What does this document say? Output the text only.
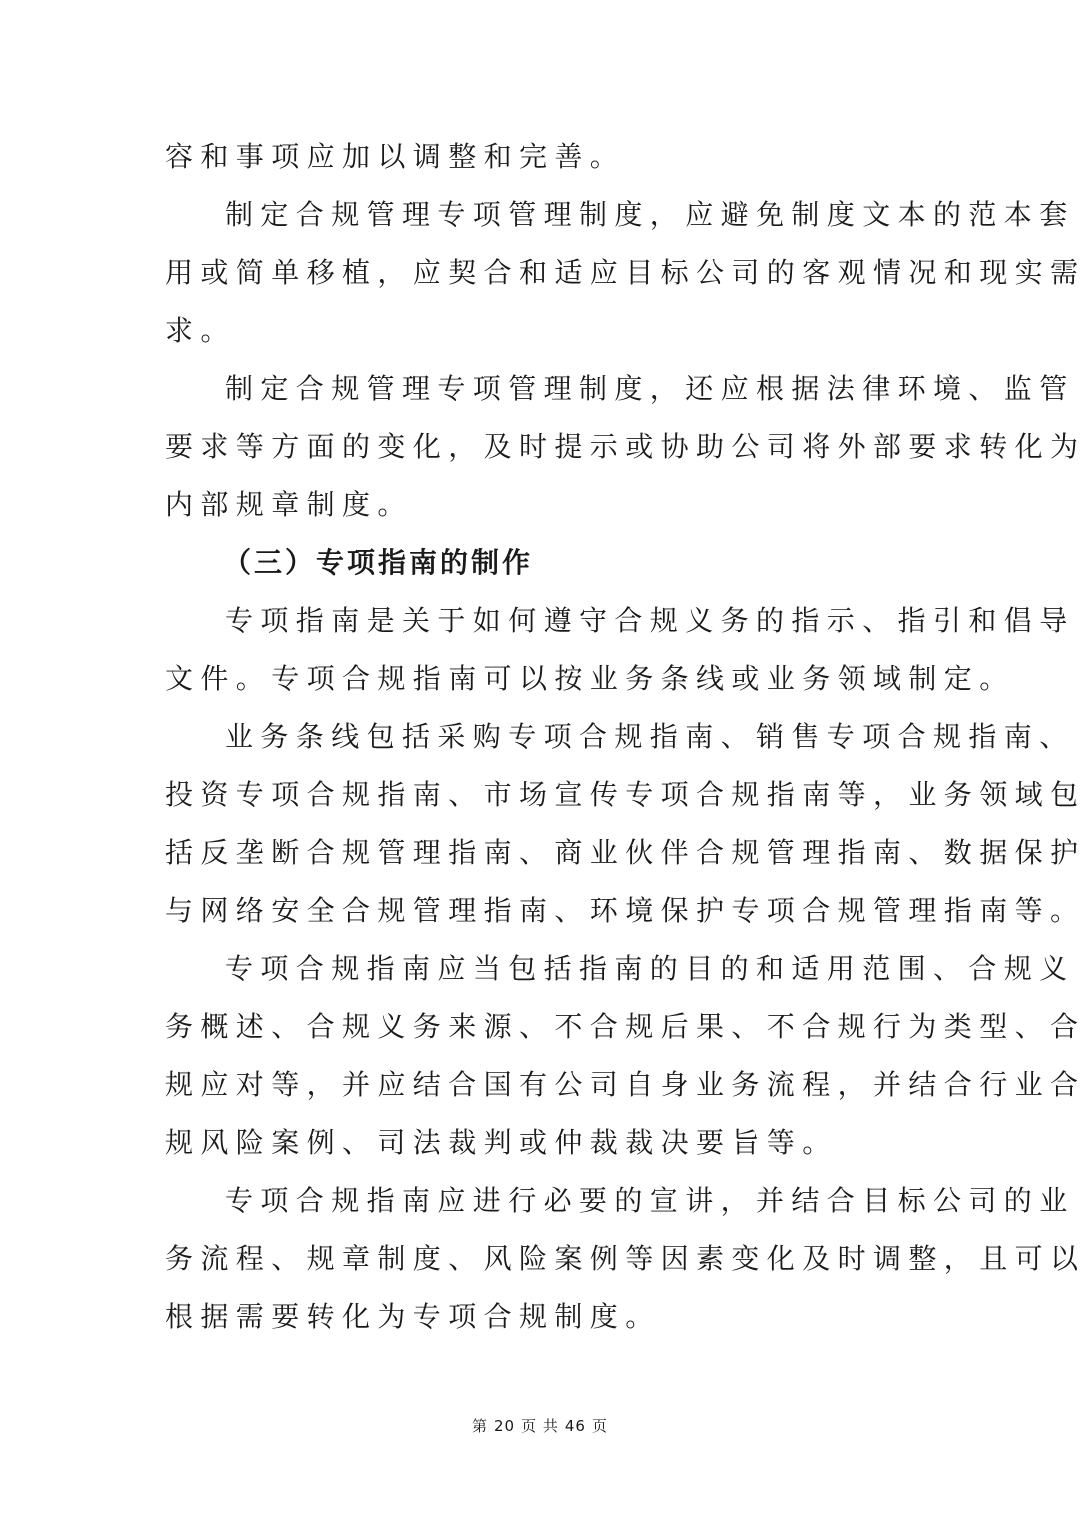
容和事项应加以调整和完善。
制定合规管理专项管理制度，应避免制度文本的范本套
用或简单移植，应契合和适应目标公司的客观情况和现实需
求。
制定合规管理专项管理制度，还应根据法律环境、监管
要求等方面的变化，及时提示或协助公司将外部要求转化为
内部规章制度。
（三）专项指南的制作
专项指南是关于如何遵守合规义务的指示、指引和倡导
文件。专项合规指南可以按业务条线或业务领域制定。
业务条线包括采购专项合规指南、销售专项合规指南、
投资专项合规指南、市场宣传专项合规指南等，业务领域包
括反垄断合规管理指南、商业伙伴合规管理指南、数据保护
与网络安全合规管理指南、环境保护专项合规管理指南等。
专项合规指南应当包括指南的目的和适用范围、合规义
务概述、合规义务来源、不合规后果、不合规行为类型、合
规应对等，并应结合国有公司自身业务流程，并结合行业合
规风险案例、司法裁判或仲裁裁决要旨等。
专项合规指南应进行必要的宣讲，并结合目标公司的业
务流程、规章制度、风险案例等因素变化及时调整，且可以
根据需要转化为专项合规制度。
第 20 页 共 46 页
